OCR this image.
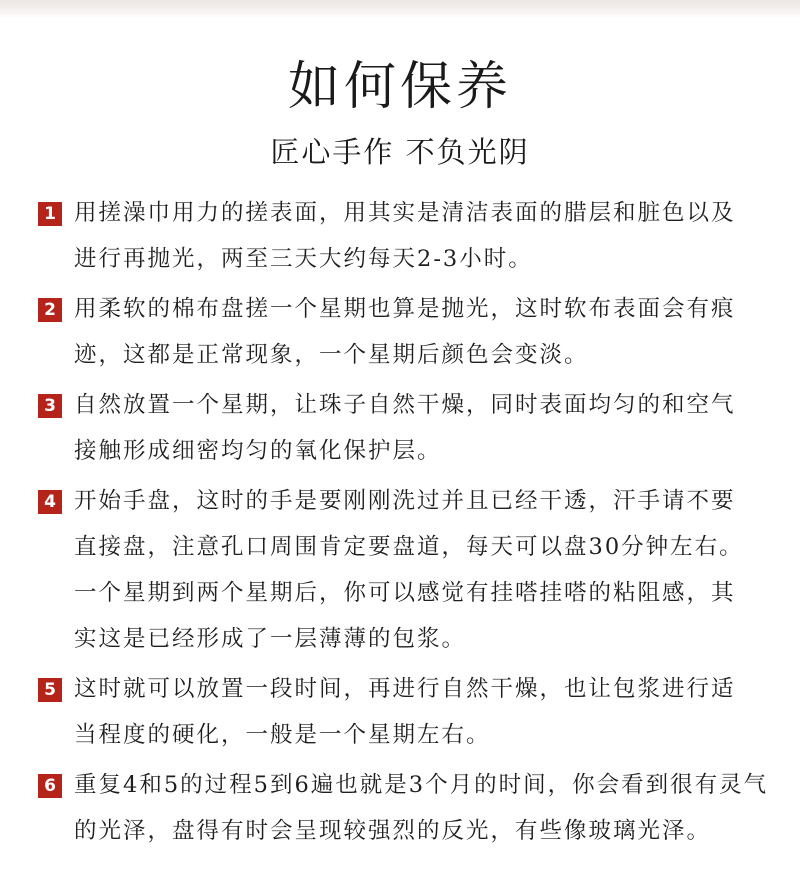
如何保养
匠心手作 不负光阴
1 用搓澡巾用力的搓表面，用其实是清洁表面的腊层和脏色以及
进行再抛光，两至三天大约每天2-3小时。
2 用柔软的棉布盘搓一个星期也算是抛光，这时软布表面会有痕
迹，这都是正常现象，一个星期后颜色会变淡。
3 自然放置一个星期，让珠子自然干燥，同时表面均匀的和空气
接触形成细密均匀的氧化保护层。
4 开始手盘，这时的手是要刚刚洗过并且已经干透，汗手请不要
直接盘，注意孔口周围肯定要盘道，每天可以盘30分钟左右。
一个星期到两个星期后，你可以感觉有挂嗒挂嗒的粘阻感，其
实这是已经形成了一层薄薄的包浆。
5 这时就可以放置一段时间，再进行自然干燥，也让包浆进行适
当程度的硬化，一般是一个星期左右。
6 重复4和5的过程5到6遍也就是3个月的时间，你会看到很有灵气
的光泽，盘得有时会呈现较强烈的反光，有些像玻璃光泽。
